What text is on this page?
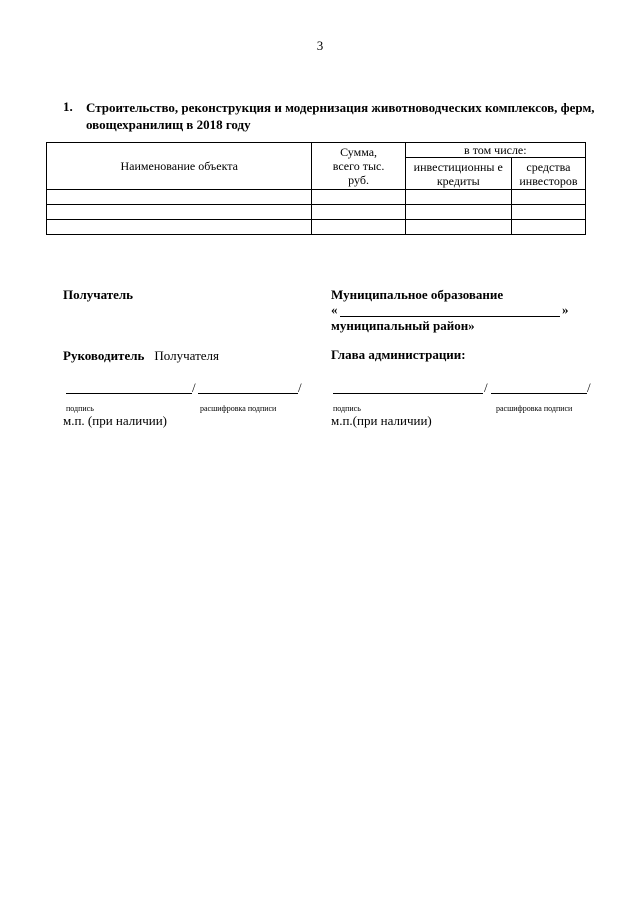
3
1. Строительство, реконструкция и модернизация животноводческих комплексов, ферм, овощехранилищ в 2018 году
Наименование объекта	Сумма, всего тыс. руб.	в том числе:	

		инвестиционны е кредиты	средства инвесторов

Получатель
Руководитель Получателя
/	/
подпись	расшифровка подписи
м.п. (при наличии)
Муниципальное образование
«	»
муниципальный район»
Глава администрации:
/	/
подпись	расшифровка подписи
м.п.(при наличии)
